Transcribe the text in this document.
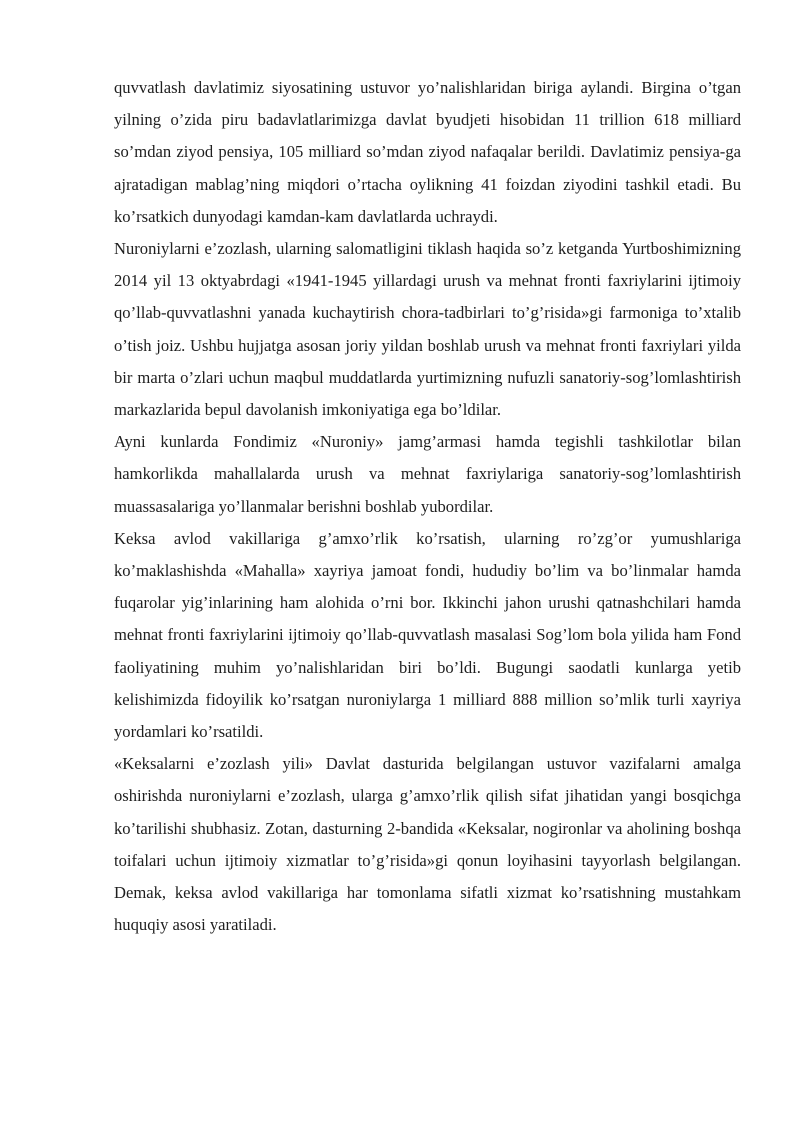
quvvatlash davlatimiz siyosatining ustuvor yo’nalishlaridan biriga aylandi. Birgina o’tgan yilning o’zida piru badavlatlarimizga davlat byudjeti hisobidan 11 trillion 618 milliard so’mdan ziyod pensiya, 105 milliard so’mdan ziyod nafaqalar berildi. Davlatimiz pensiya-ga ajratadigan mablag’ning miqdori o’rtacha oylikning 41 foizdan ziyodini tashkil etadi. Bu ko’rsatkich dunyodagi kamdan-kam davlatlarda uchraydi.

Nuroniylarni e’zozlash, ularning salomatligini tiklash haqida so’z ketganda Yurtboshimizning 2014 yil 13 oktyabrdagi «1941-1945 yillardagi urush va mehnat fronti faxriylarini ijtimoiy qo’llab-quvvatlashni yanada kuchaytirish chora-tadbirlari to’g’risida»gi farmoniga to’xtalib o’tish joiz. Ushbu hujjatga asosan joriy yildan boshlab urush va mehnat fronti faxriylari yilda bir marta o’zlari uchun maqbul muddatlarda yurtimizning nufuzli sanatoriy-sog’lomlashtirish markazlarida bepul davolanish imkoniyatiga ega bo’ldilar.

Ayni kunlarda Fondimiz «Nuroniy» jamg’armasi hamda tegishli tashkilotlar bilan hamkorlikda mahallalarda urush va mehnat faxriylariga sanatoriy-sog’lomlashtirish muassasalariga yo’llanmalar berishni boshlab yubordilar.

Keksa avlod vakillariga g’amxo’rlik ko’rsatish, ularning ro’zg’or yumushlariga ko’maklashishda «Mahalla» xayriya jamoat fondi, hududiy bo’lim va bo’linmalar hamda fuqarolar yig’inlarining ham alohida o’rni bor. Ikkinchi jahon urushi qatnashchilari hamda mehnat fronti faxriylarini ijtimoiy qo’llab-quvvatlash masalasi Sog’lom bola yilida ham Fond faoliyatining muhim yo’nalishlaridan biri bo’ldi. Bugungi saodatli kunlarga yetib kelishimizda fidoyilik ko’rsatgan nuroniylarga 1 milliard 888 million so’mlik turli xayriya yordamlari ko’rsatildi.

«Keksalarni e’zozlash yili» Davlat dasturida belgilangan ustuvor vazifalarni amalga oshirishda nuroniylarni e’zozlash, ularga g’amxo’rlik qilish sifat jihatidan yangi bosqichga ko’tarilishi shubhasiz. Zotan, dasturning 2-bandida «Keksalar, nogironlar va aholining boshqa toifalari uchun ijtimoiy xizmatlar to’g’risida»gi qonun loyihasini tayyorlash belgilangan. Demak, keksa avlod vakillariga har tomonlama sifatli xizmat ko’rsatishning mustahkam huquqiy asosi yaratiladi.
